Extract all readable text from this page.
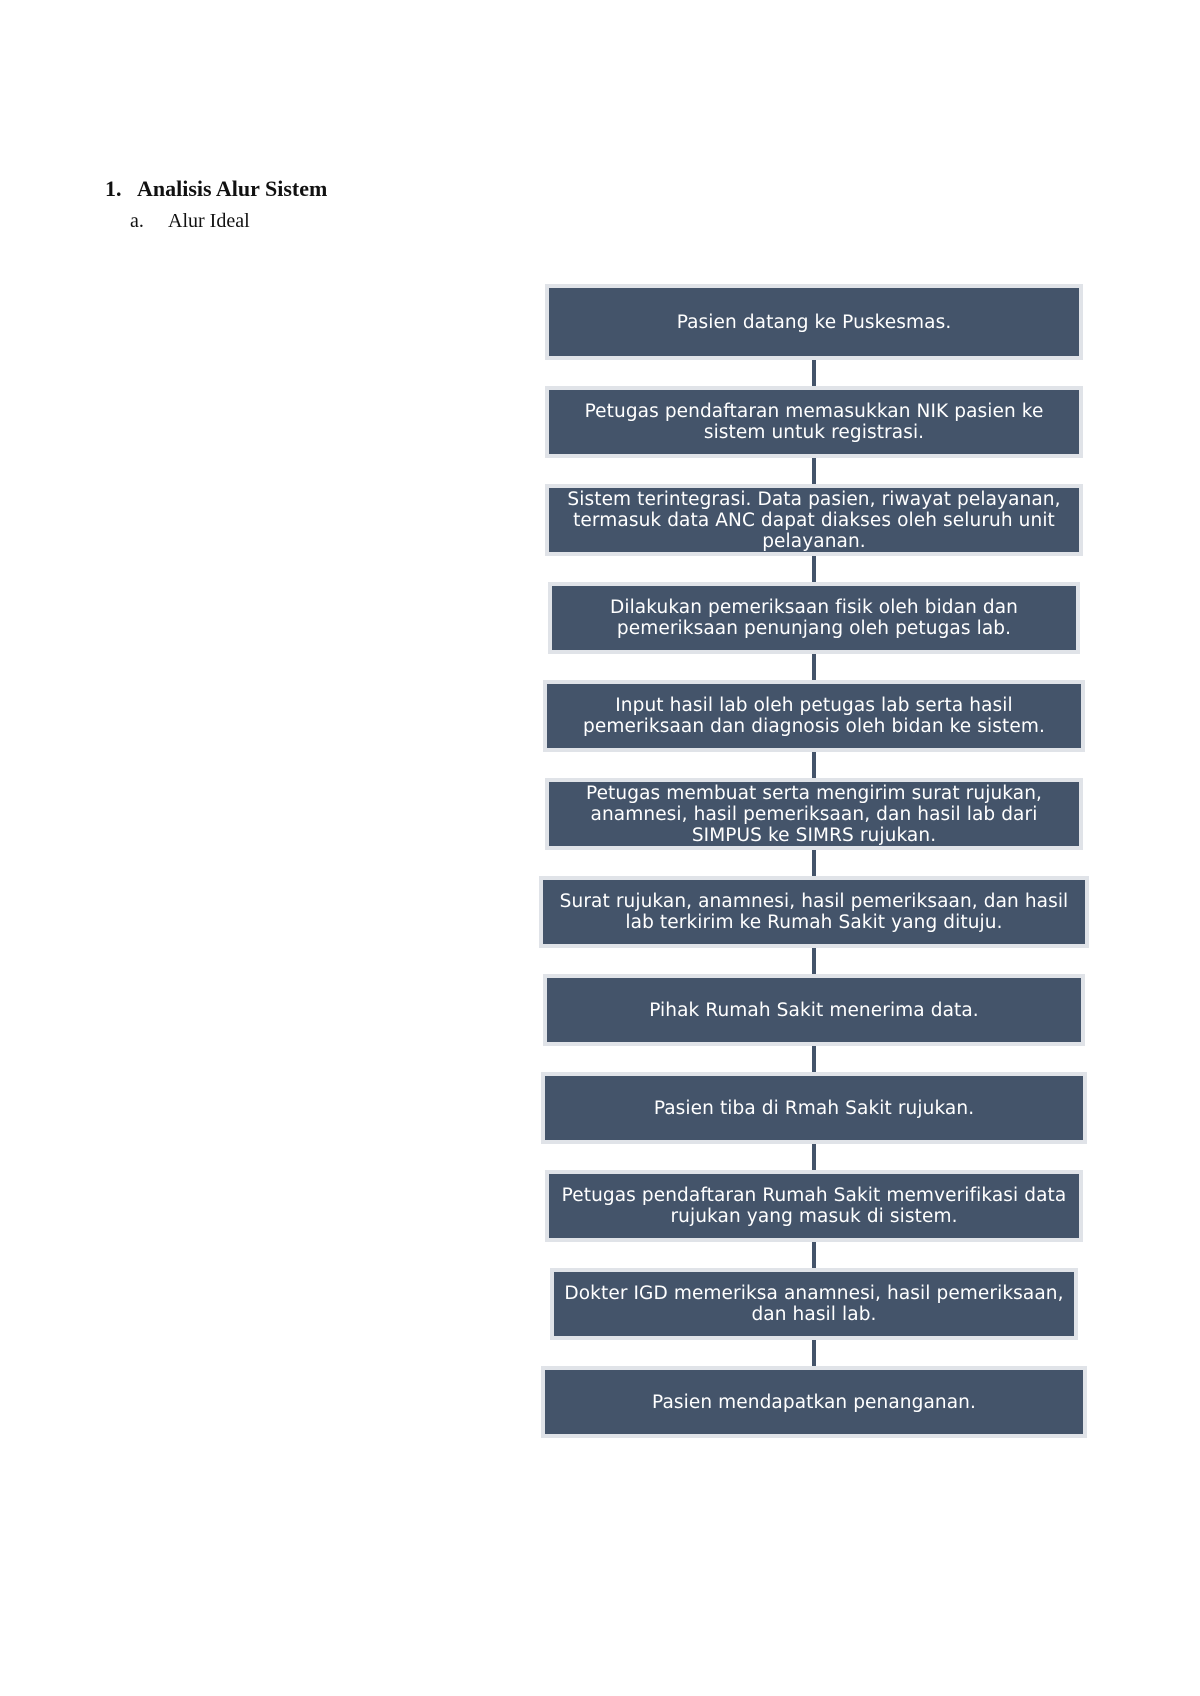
1. Analisis Alur Sistem
a. Alur Ideal
Pasien datang ke Puskesmas.
Petugas pendaftaran memasukkan NIK pasien ke sistem untuk registrasi.
Sistem terintegrasi. Data pasien, riwayat pelayanan, termasuk data ANC dapat diakses oleh seluruh unit pelayanan.
Dilakukan pemeriksaan fisik oleh bidan dan pemeriksaan penunjang oleh petugas lab.
Input hasil lab oleh petugas lab serta hasil pemeriksaan dan diagnosis oleh bidan ke sistem.
Petugas membuat serta mengirim surat rujukan, anamnesi, hasil pemeriksaan, dan hasil lab dari SIMPUS ke SIMRS rujukan.
Surat rujukan, anamnesi, hasil pemeriksaan, dan hasil lab terkirim ke Rumah Sakit yang dituju.
Pihak Rumah Sakit menerima data.
Pasien tiba di Rmah Sakit rujukan.
Petugas pendaftaran Rumah Sakit memverifikasi data rujukan yang masuk di sistem.
Dokter IGD memeriksa anamnesi, hasil pemeriksaan, dan hasil lab.
Pasien mendapatkan penanganan.
